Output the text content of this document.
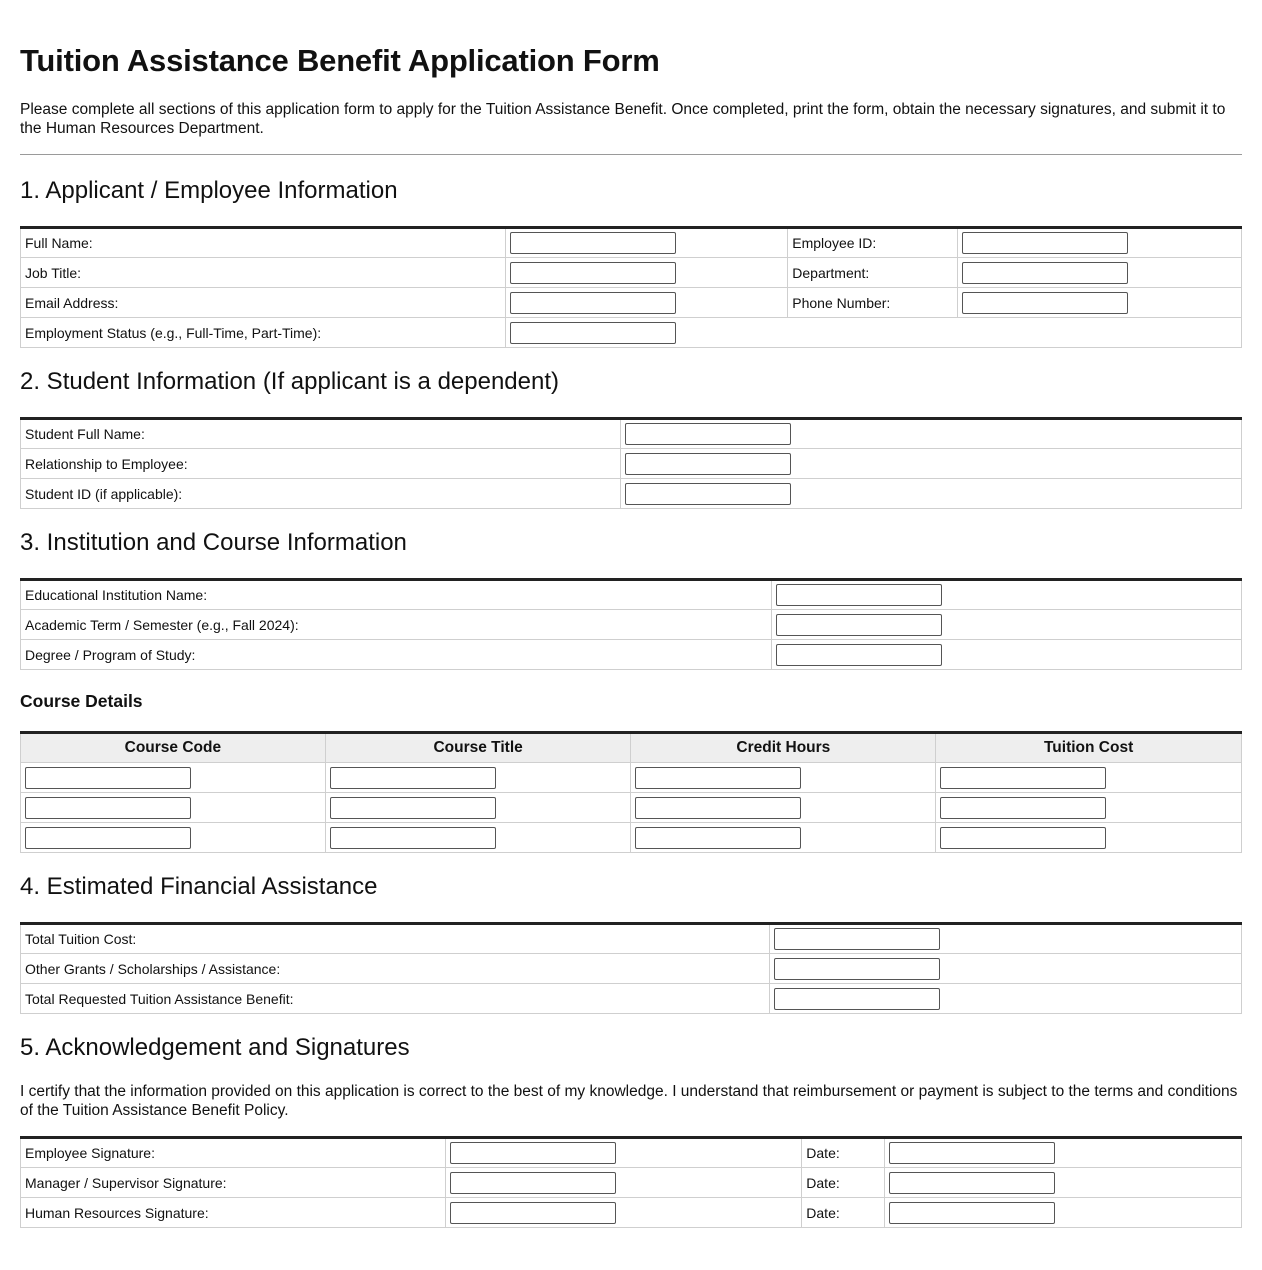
Tuition Assistance Benefit Application Form

Please complete all sections of this application form to apply for the Tuition Assistance Benefit. Once completed, print the form, obtain the necessary signatures, and submit it to the Human Resources Department.

1. Applicant / Employee Information
Full Name:		Employee ID:	

Job Title:		Department:	

Email Address:		Phone Number:	

Employment Status (e.g., Full-Time, Part-Time):	
2. Student Information (If applicant is a dependent)
Student Full Name:	

Relationship to Employee:	

Student ID (if applicable):	
3. Institution and Course Information
Educational Institution Name:	

Academic Term / Semester (e.g., Fall 2024):	

Degree / Program of Study:	
Course Details
Course Code	Course Title	Credit Hours	Tuition Cost

4. Estimated Financial Assistance
Total Tuition Cost:	

Other Grants / Scholarships / Assistance:	

Total Requested Tuition Assistance Benefit:	
5. Acknowledgement and Signatures

I certify that the information provided on this application is correct to the best of my knowledge. I understand that reimbursement or payment is subject to the terms and conditions of the Tuition Assistance Benefit Policy.

Employee Signature:		Date:	

Manager / Supervisor Signature:		Date:	

Human Resources Signature:		Date:	
